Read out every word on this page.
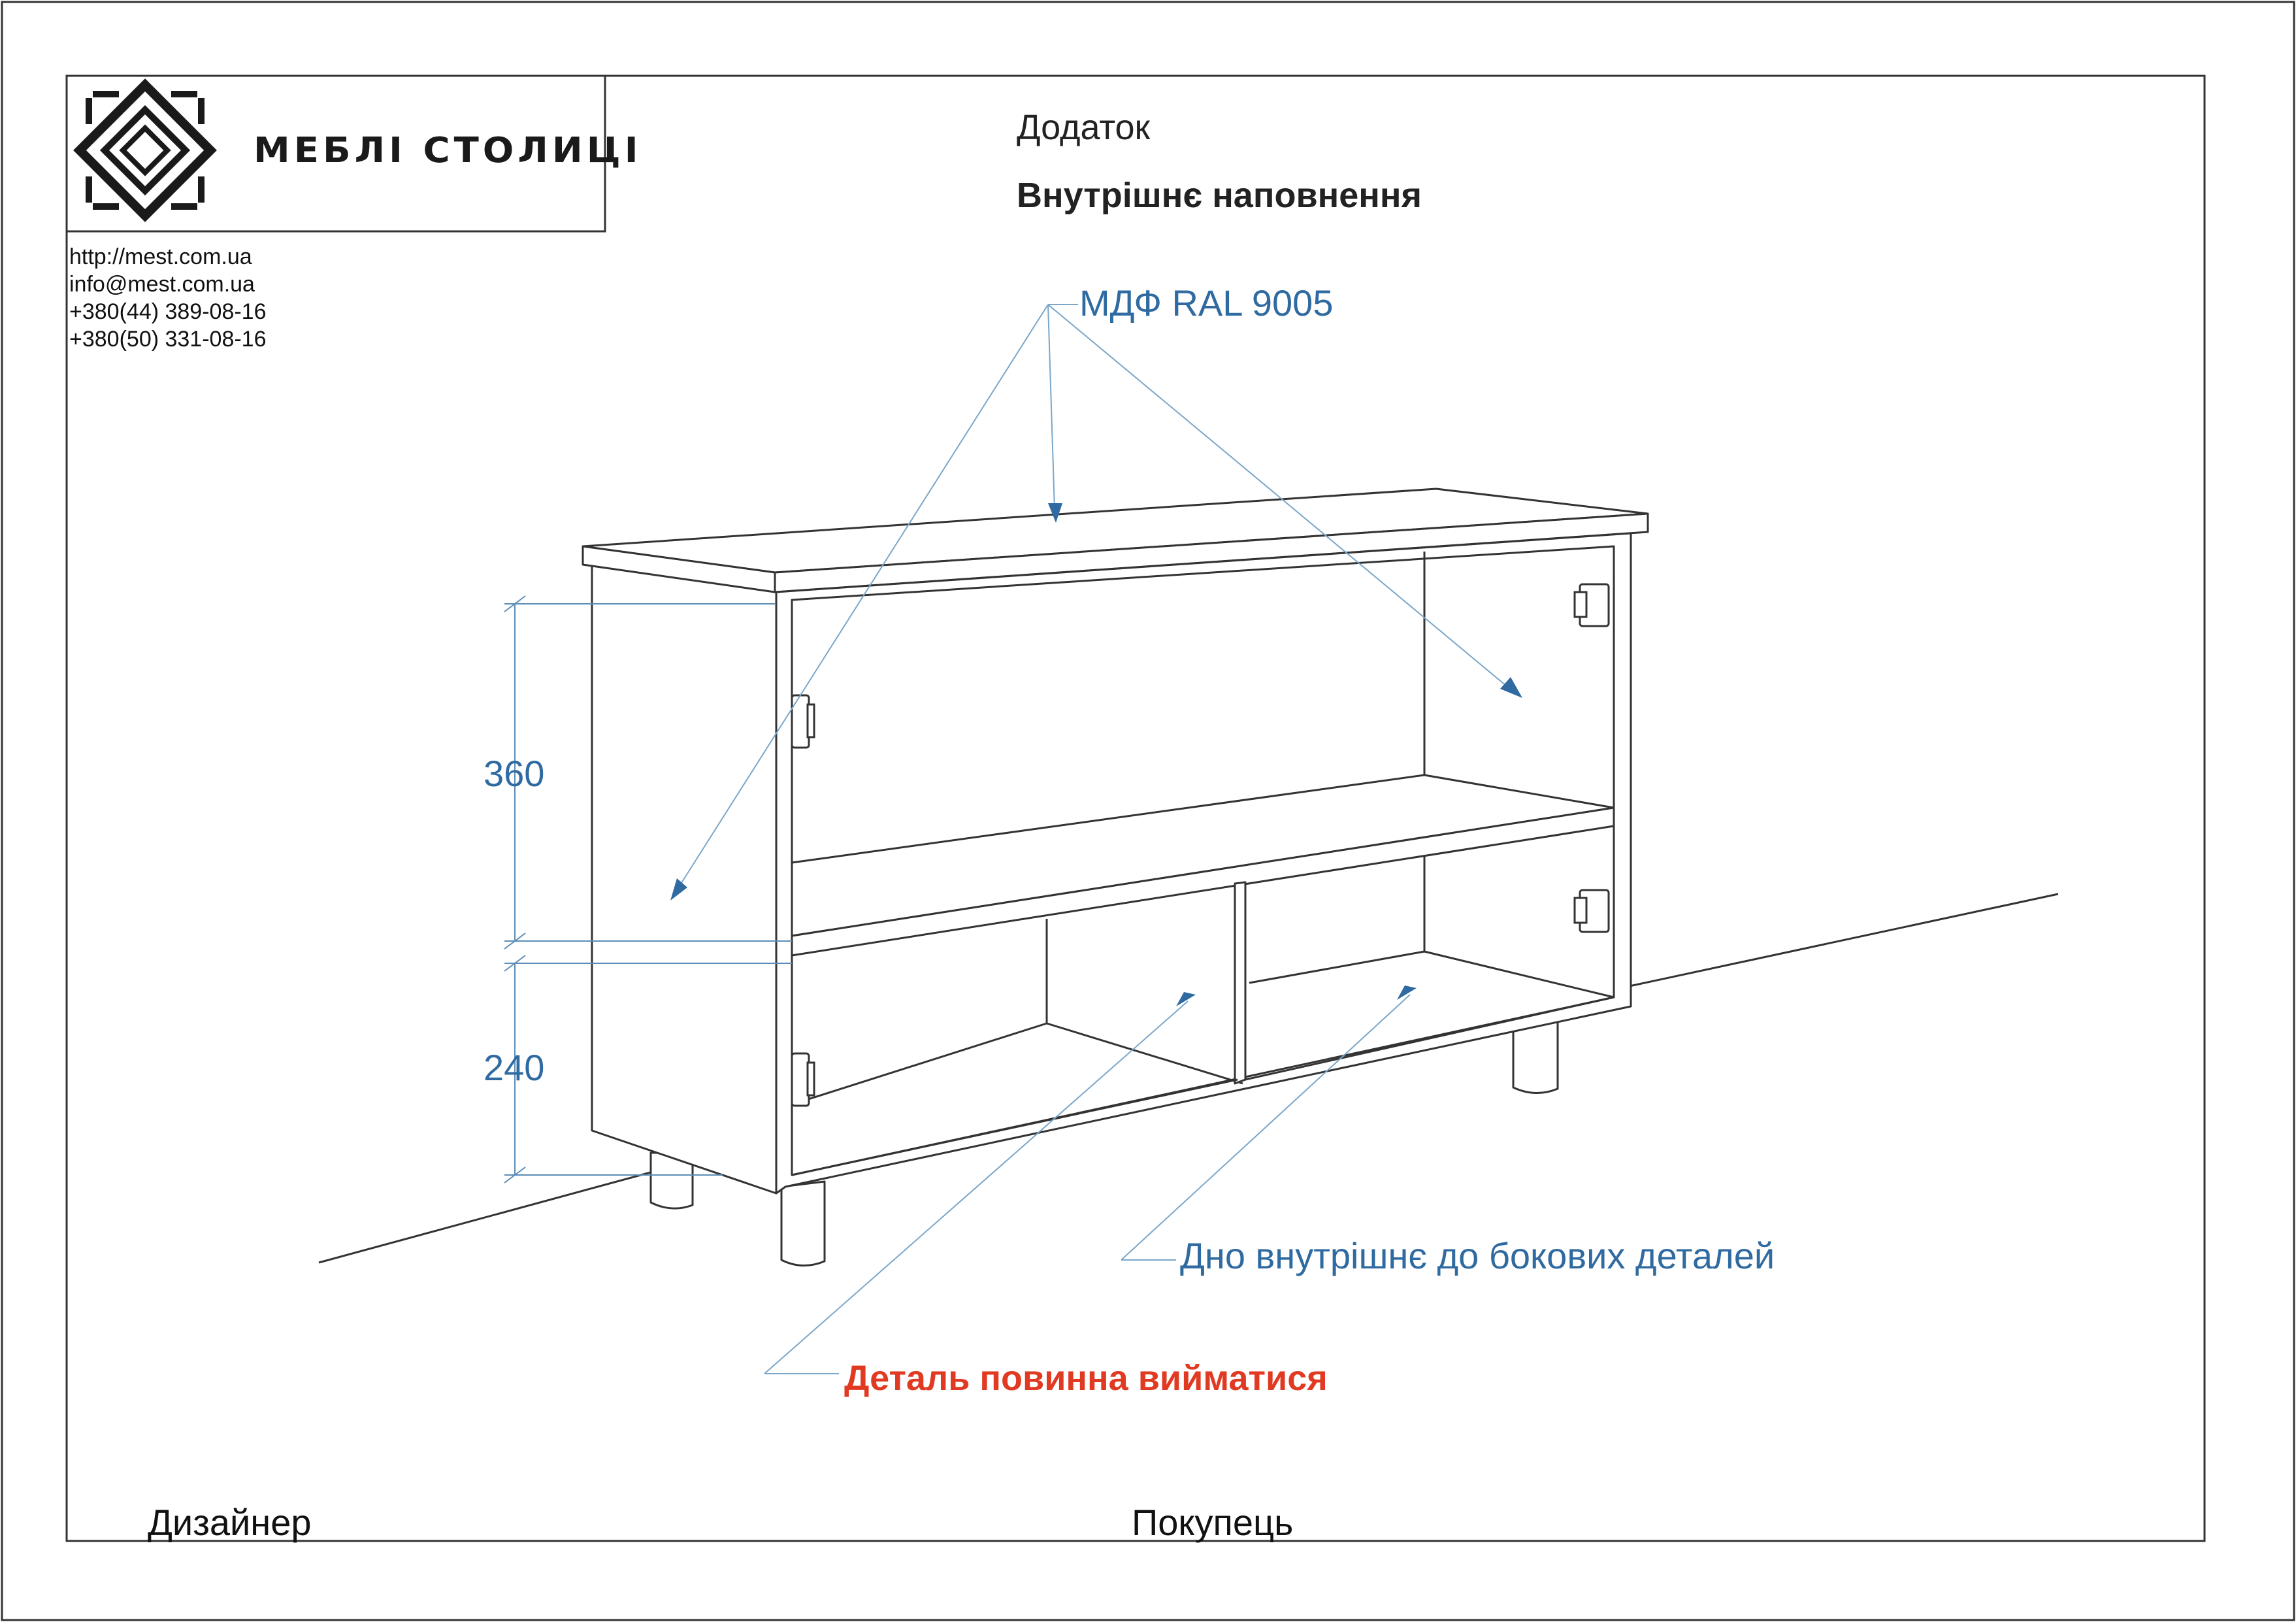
МЕБЛІ СТОЛИЦІ
http://mest.com.ua
info@mest.com.ua
+380(44) 389-08-16
+380(50) 331-08-16
Додаток
Внутрішнє наповнення
МДФ RAL 9005
360
240
Дно внутрішнє до бокових деталей
Деталь повинна вийматися
Дизайнер	Покупець
